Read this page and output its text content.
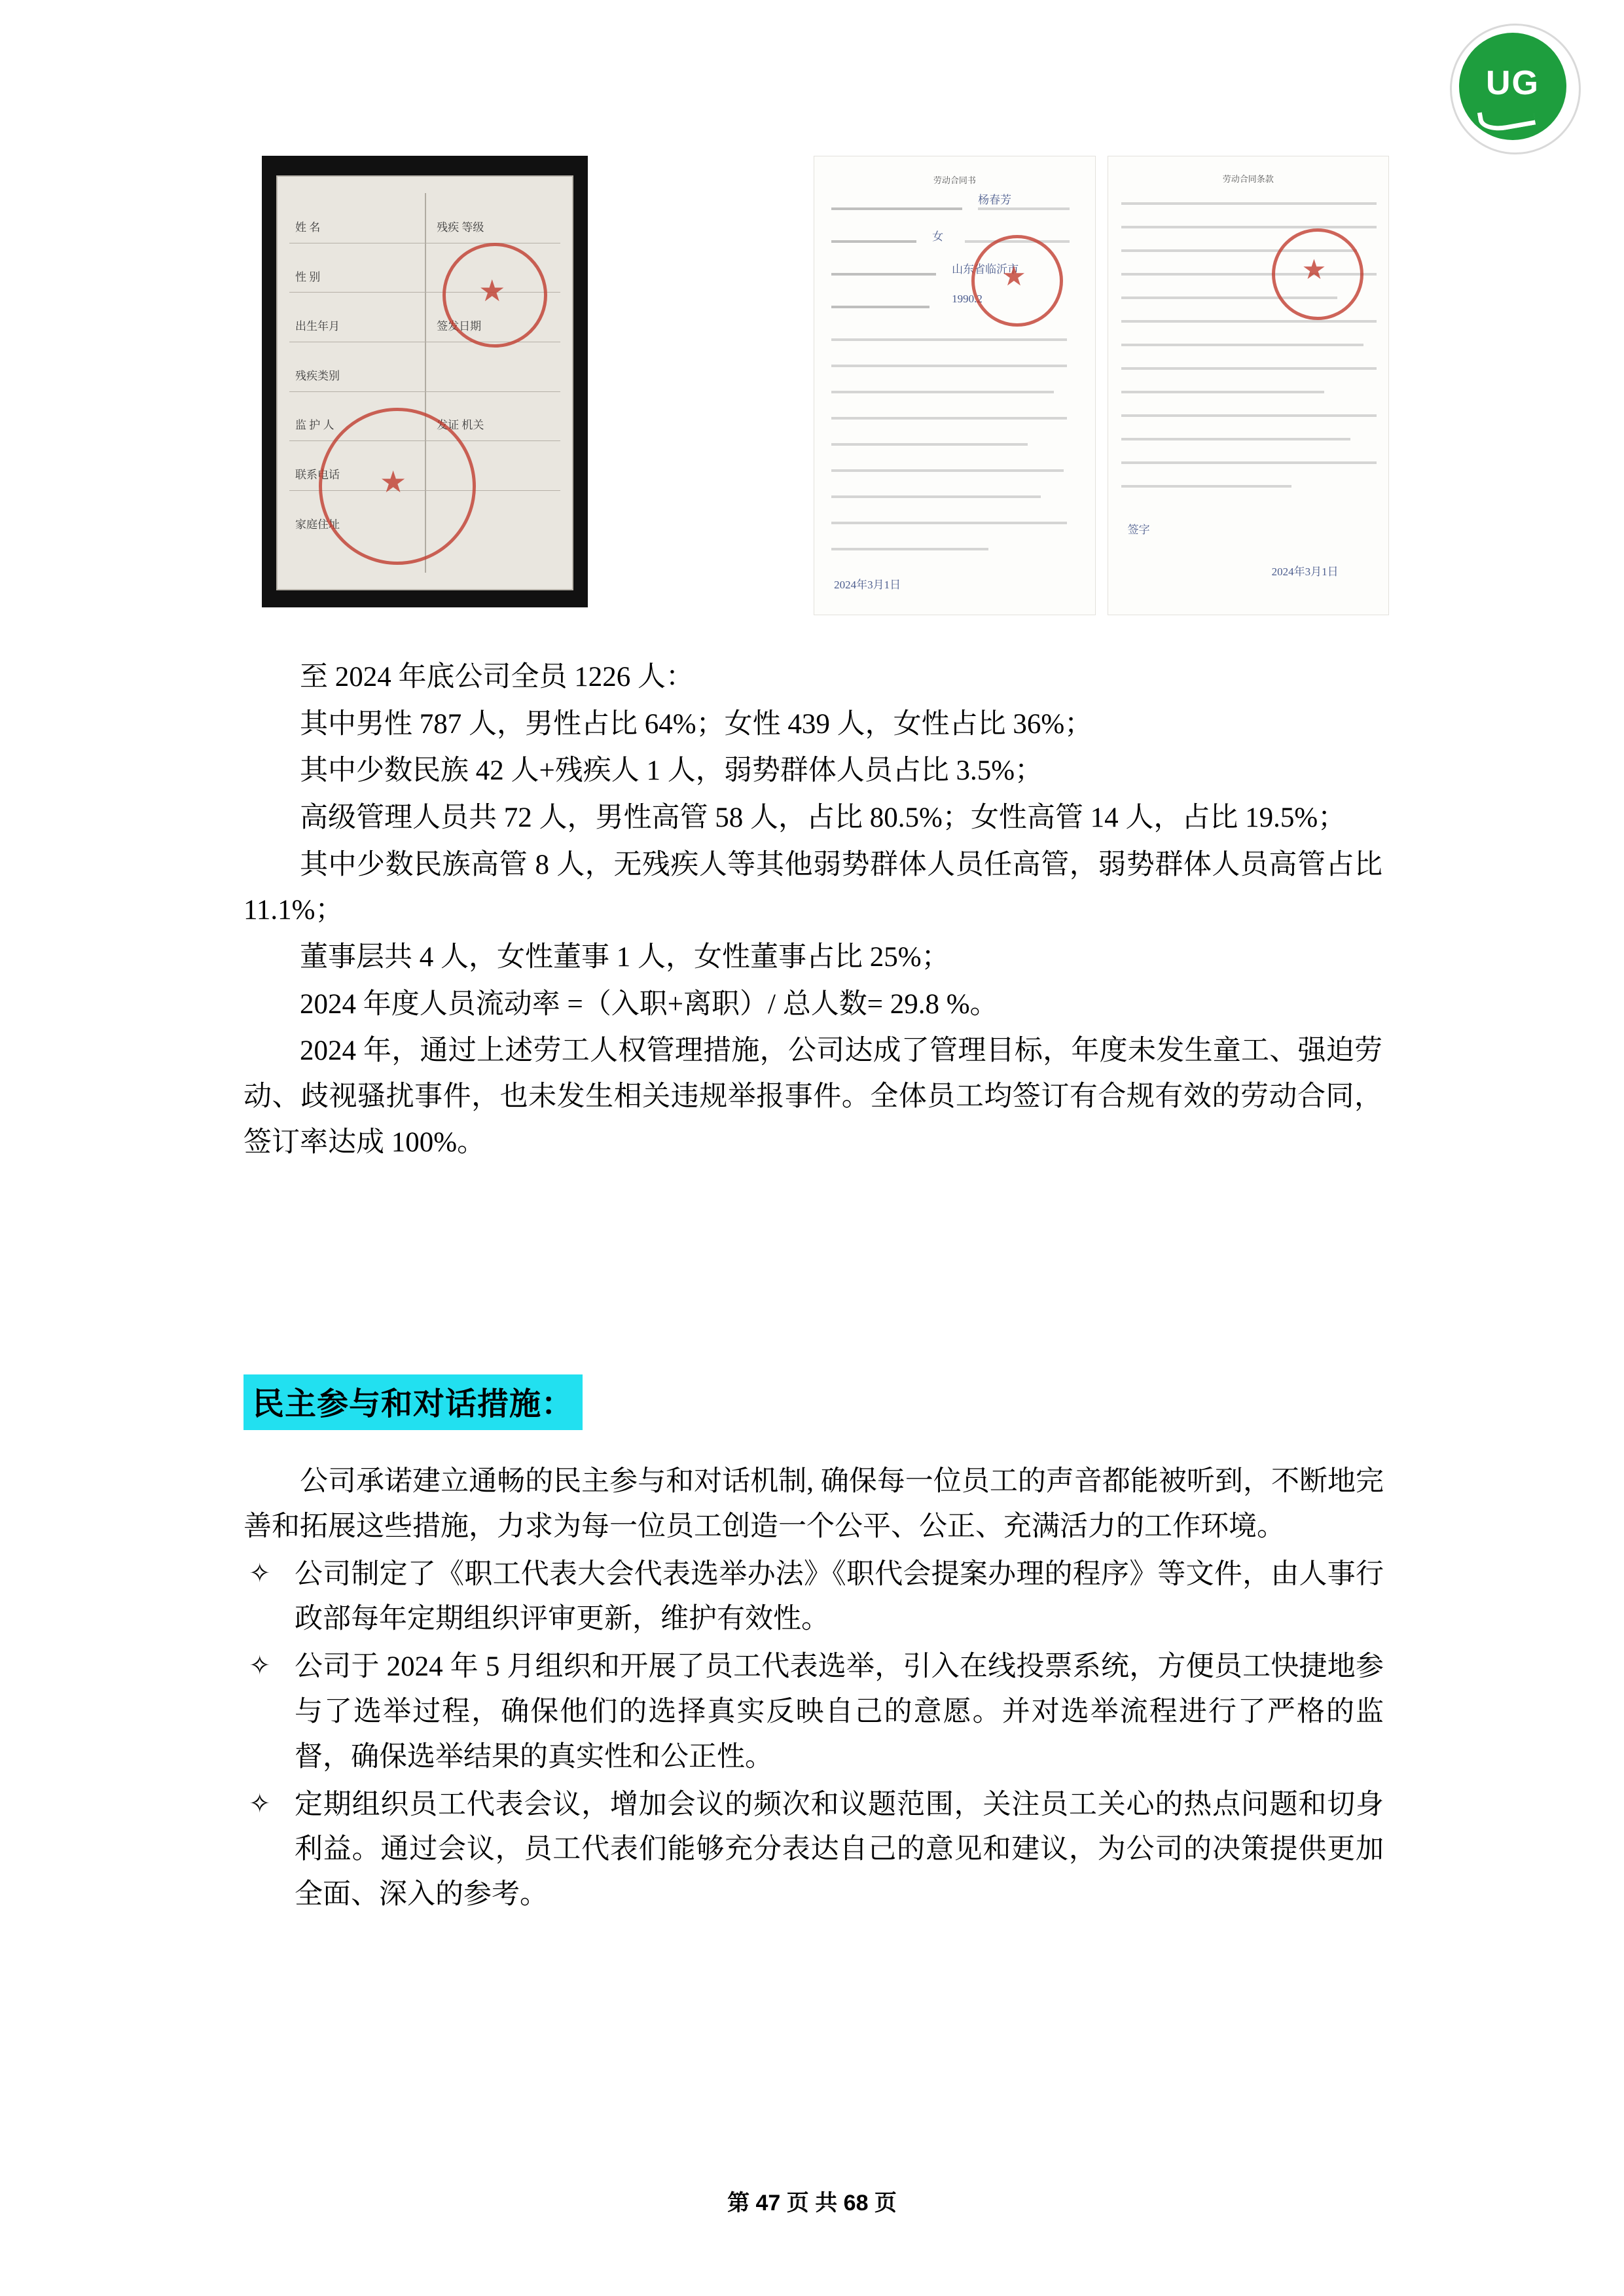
UG
姓 名
性 别
出生年月
残疾类别
监 护 人
联系电话
家庭住址
残疾 等级
签发日期
发证 机关
★
★
劳动合同书
杨春芳
女
山东省临沂市
1990.2
2024年3月1日
★
劳动合同条款
签字
2024年3月1日
★

至 2024 年底公司全员 1226 人：

其中男性 787 人，男性占比 64%；女性 439 人，女性占比 36%；

其中少数民族 42 人+残疾人 1 人，弱势群体人员占比 3.5%；

高级管理人员共 72 人，男性高管 58 人，占比 80.5%；女性高管 14 人，占比 19.5%；

其中少数民族高管 8 人，无残疾人等其他弱势群体人员任高管，弱势群体人员高管占比 11.1%；

董事层共 4 人，女性董事 1 人，女性董事占比 25%；

2024 年度人员流动率 =（入职+离职）/ 总人数= 29.8 %。

2024 年，通过上述劳工人权管理措施，公司达成了管理目标，年度未发生童工、强迫劳动、歧视骚扰事件，也未发生相关违规举报事件。全体员工均签订有合规有效的劳动合同，签订率达成 100%。

民主参与和对话措施：

公司承诺建立通畅的民主参与和对话机制, 确保每一位员工的声音都能被听到，不断地完善和拓展这些措施，力求为每一位员工创造一个公平、公正、充满活力的工作环境。

✧ 公司制定了《职工代表大会代表选举办法》《职代会提案办理的程序》等文件，由人事行政部每年定期组织评审更新，维护有效性。
✧ 公司于 2024 年 5 月组织和开展了员工代表选举，引入在线投票系统，方便员工快捷地参与了选举过程，确保他们的选择真实反映自己的意愿。并对选举流程进行了严格的监督，确保选举结果的真实性和公正性。
✧ 定期组织员工代表会议，增加会议的频次和议题范围，关注员工关心的热点问题和切身利益。通过会议，员工代表们能够充分表达自己的意见和建议，为公司的决策提供更加全面、深入的参考。
第 47 页 共 68 页
